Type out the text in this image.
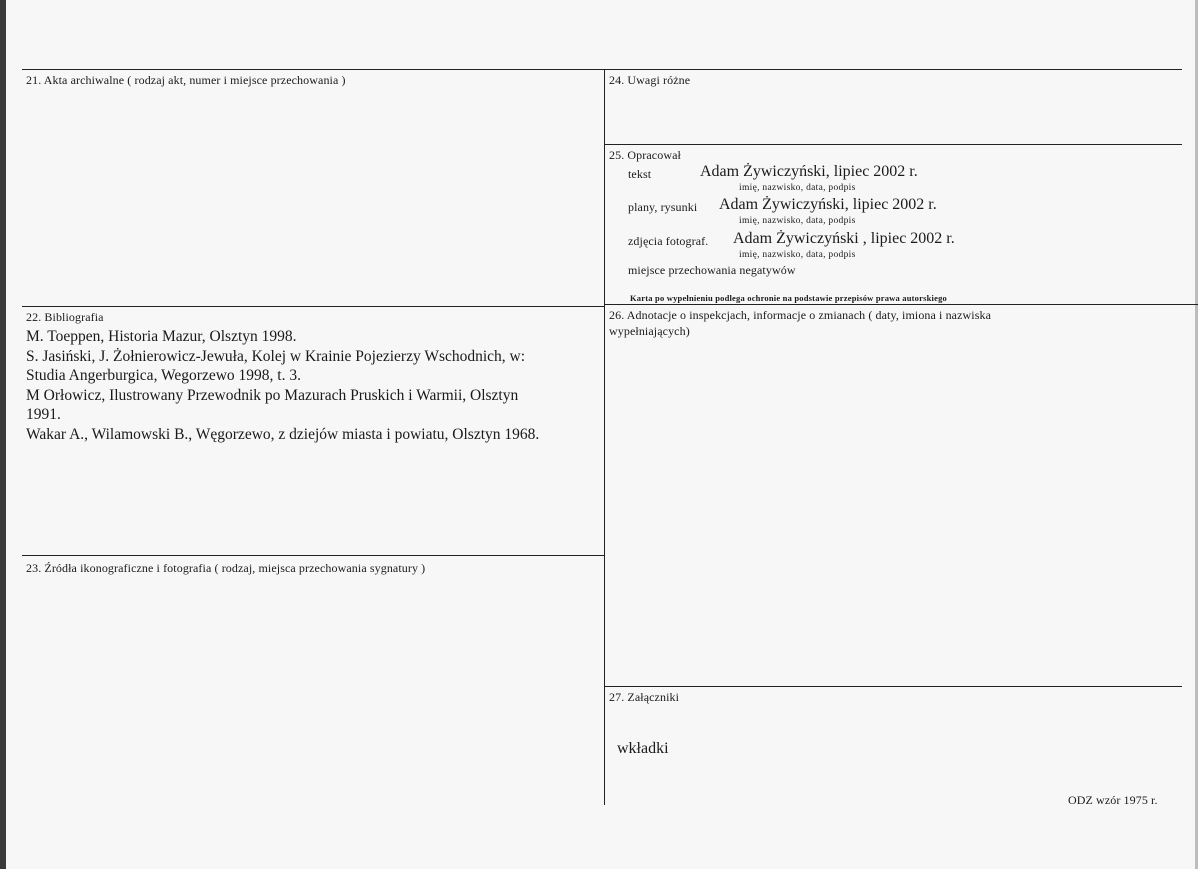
21. Akta archiwalne ( rodzaj akt, numer i miejsce przechowania )
22. Bibliografia
M. Toeppen, Historia Mazur, Olsztyn 1998.
S. Jasiński, J. Żołnierowicz-Jewuła, Kolej w Krainie Pojezierzy Wschodnich, w:
Studia Angerburgica, Wegorzewo 1998, t. 3.
M Orłowicz, Ilustrowany Przewodnik po Mazurach Pruskich i Warmii, Olsztyn
1991.
Wakar A., Wilamowski B., Węgorzewo, z dziejów miasta i powiatu, Olsztyn 1968.
23. Źródła ikonograficzne i fotografia ( rodzaj, miejsca przechowania sygnatury )
24. Uwagi różne
25. Opracował
tekst	Adam Żywiczyński, lipiec 2002 r.
imię, nazwisko, data, podpis
plany, rysunki Adam Żywiczyński, lipiec 2002 r.
imię, nazwisko, data, podpis
zdjęcia fotograf. Adam Żywiczyński , lipiec 2002 r.
imię, nazwisko, data, podpis
miejsce przechowania negatywów
Karta po wypełnieniu podlega ochronie na podstawie przepisów prawa autorskiego
26. Adnotacje o inspekcjach, informacje o zmianach ( daty, imiona i nazwiska
wypełniających)
27. Załączniki
wkładki
ODZ wzór 1975 r.
